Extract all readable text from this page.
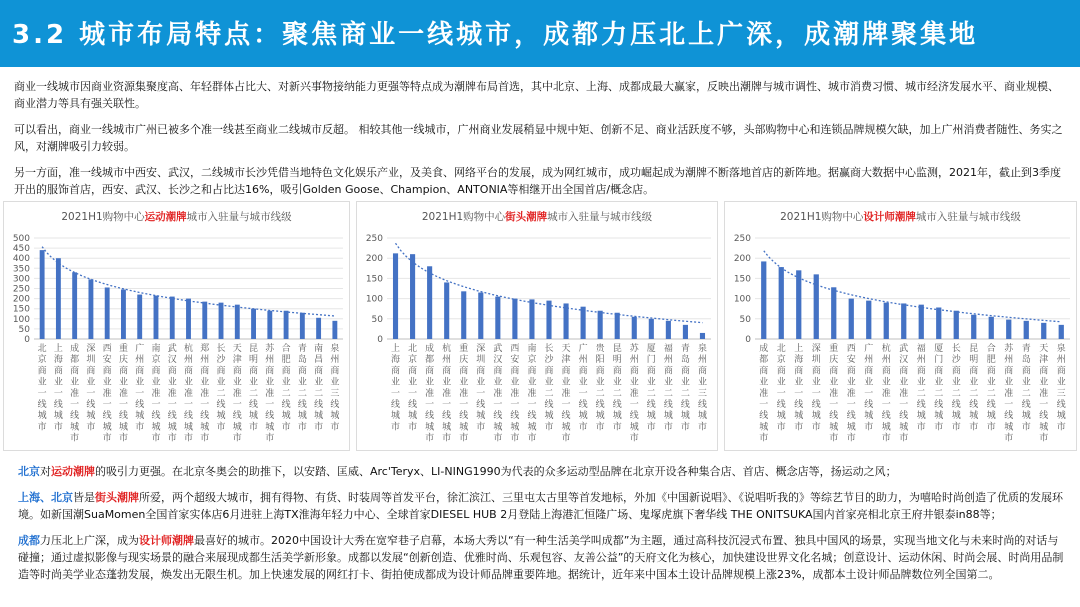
3.2 城市布局特点：聚焦商业一线城市，成都力压北上广深，成潮牌聚集地
商业一线城市因商业资源集聚度高、年轻群体占比大、对新兴事物接纳能力更强等特点成为潮牌布局首选，其中北京、上海、成都成最大赢家，反映出潮牌与城市调性、城市消费习惯、城市经济发展水平、商业规模、商业潜力等具有强关联性。
可以看出，商业一线城市广州已被多个准一线甚至商业二线城市反超。 相较其他一线城市，广州商业发展稍显中规中矩、创新不足、商业活跃度不够，头部购物中心和连锁品牌规模欠缺，加上广州消费者随性、务实之风，对潮牌吸引力较弱。
另一方面，准一线城市中西安、武汉，二线城市长沙凭借当地特色文化娱乐产业，及美食、网络平台的发展，成为网红城市，成功崛起成为潮牌不断落地首店的新阵地。据赢商大数据中心监测，2021年，截止到3季度开出的服饰首店，西安、武汉、长沙之和占比达16%，吸引Golden Goose、Champion、ANTONIA等相继开出全国首店/概念店。
2021H1购物中心运动潮牌城市入驻量与城市线级
0
50
100
150
200
250
300
350
400
450
500
北京商业一线城市
上海商业一线城市
成都商业准一线城市
深圳商业一线城市
西安商业准一线城市
重庆商业准一线城市
广州商业一线城市
南京商业准一线城市
武汉商业准一线城市
杭州商业准一线城市
郑州商业准一线城市
长沙商业二线城市
天津商业准一线城市
昆明商业二线城市
苏州商业准一线城市
合肥商业二线城市
青岛商业二线城市
南昌商业二线城市
泉州商业三线城市
2021H1购物中心街头潮牌城市入驻量与城市线级
0
50
100
150
200
250
上海商业一线城市
北京商业一线城市
成都商业准一线城市
杭州商业准一线城市
重庆商业准一线城市
深圳商业一线城市
武汉商业准一线城市
西安商业准一线城市
南京商业准一线城市
长沙商业二线城市
天津商业准一线城市
广州商业一线城市
贵阳商业二线城市
昆明商业二线城市
苏州商业准一线城市
厦门商业二线城市
福州商业二线城市
青岛商业二线城市
泉州商业三线城市
2021H1购物中心设计师潮牌城市入驻量与城市线级
0
50
100
150
200
250
成都商业准一线城市
北京商业一线城市
上海商业一线城市
深圳商业一线城市
重庆商业准一线城市
西安商业准一线城市
广州商业一线城市
杭州商业准一线城市
武汉商业准一线城市
福州商业二线城市
厦门商业二线城市
长沙商业二线城市
昆明商业二线城市
合肥商业二线城市
苏州商业准一线城市
青岛商业二线城市
天津商业准一线城市
泉州商业三线城市
北京对运动潮牌的吸引力更强。在北京冬奥会的助推下，以安踏、匡威、Arc'Teryx、LI-NING1990为代表的众多运动型品牌在北京开设各种集合店、首店、概念店等，扬运动之风；
上海、北京皆是街头潮牌所爱，两个超级大城市，拥有得物、有货、时装周等首发平台，徐汇滨江、三里屯太古里等首发地标，外加《中国新说唱》、《说唱听我的》等综艺节目的助力，为嘻哈时尚创造了优质的发展环境。如新国潮SuaMomen全国首家实体店6月进驻上海TX淮海年轻力中心、全球首家DIESEL HUB 2月登陆上海港汇恒隆广场、鬼塚虎旗下奢华线 THE ONITSUKA国内首家亮相北京王府井银泰in88等；
成都力压北上广深，成为设计师潮牌最喜好的城市。2020中国设计大秀在宽窄巷子启幕，本场大秀以“有一种生活美学叫成都”为主题，通过高科技沉浸式布置、独具中国风的场景，实现当地文化与未来时尚的对话与碰撞；通过虚拟影像与现实场景的融合来展现成都生活美学新形象。成都以发展“创新创造、优雅时尚、乐观包容、友善公益”的天府文化为核心，加快建设世界文化名城；创意设计、运动休闲、时尚会展、时尚用品制造等时尚美学业态蓬勃发展，焕发出无限生机。加上快速发展的网红打卡、街拍使成都成为设计师品牌重要阵地。据统计，近年来中国本土设计品牌规模上涨23%，成都本土设计师品牌数位列全国第二。
